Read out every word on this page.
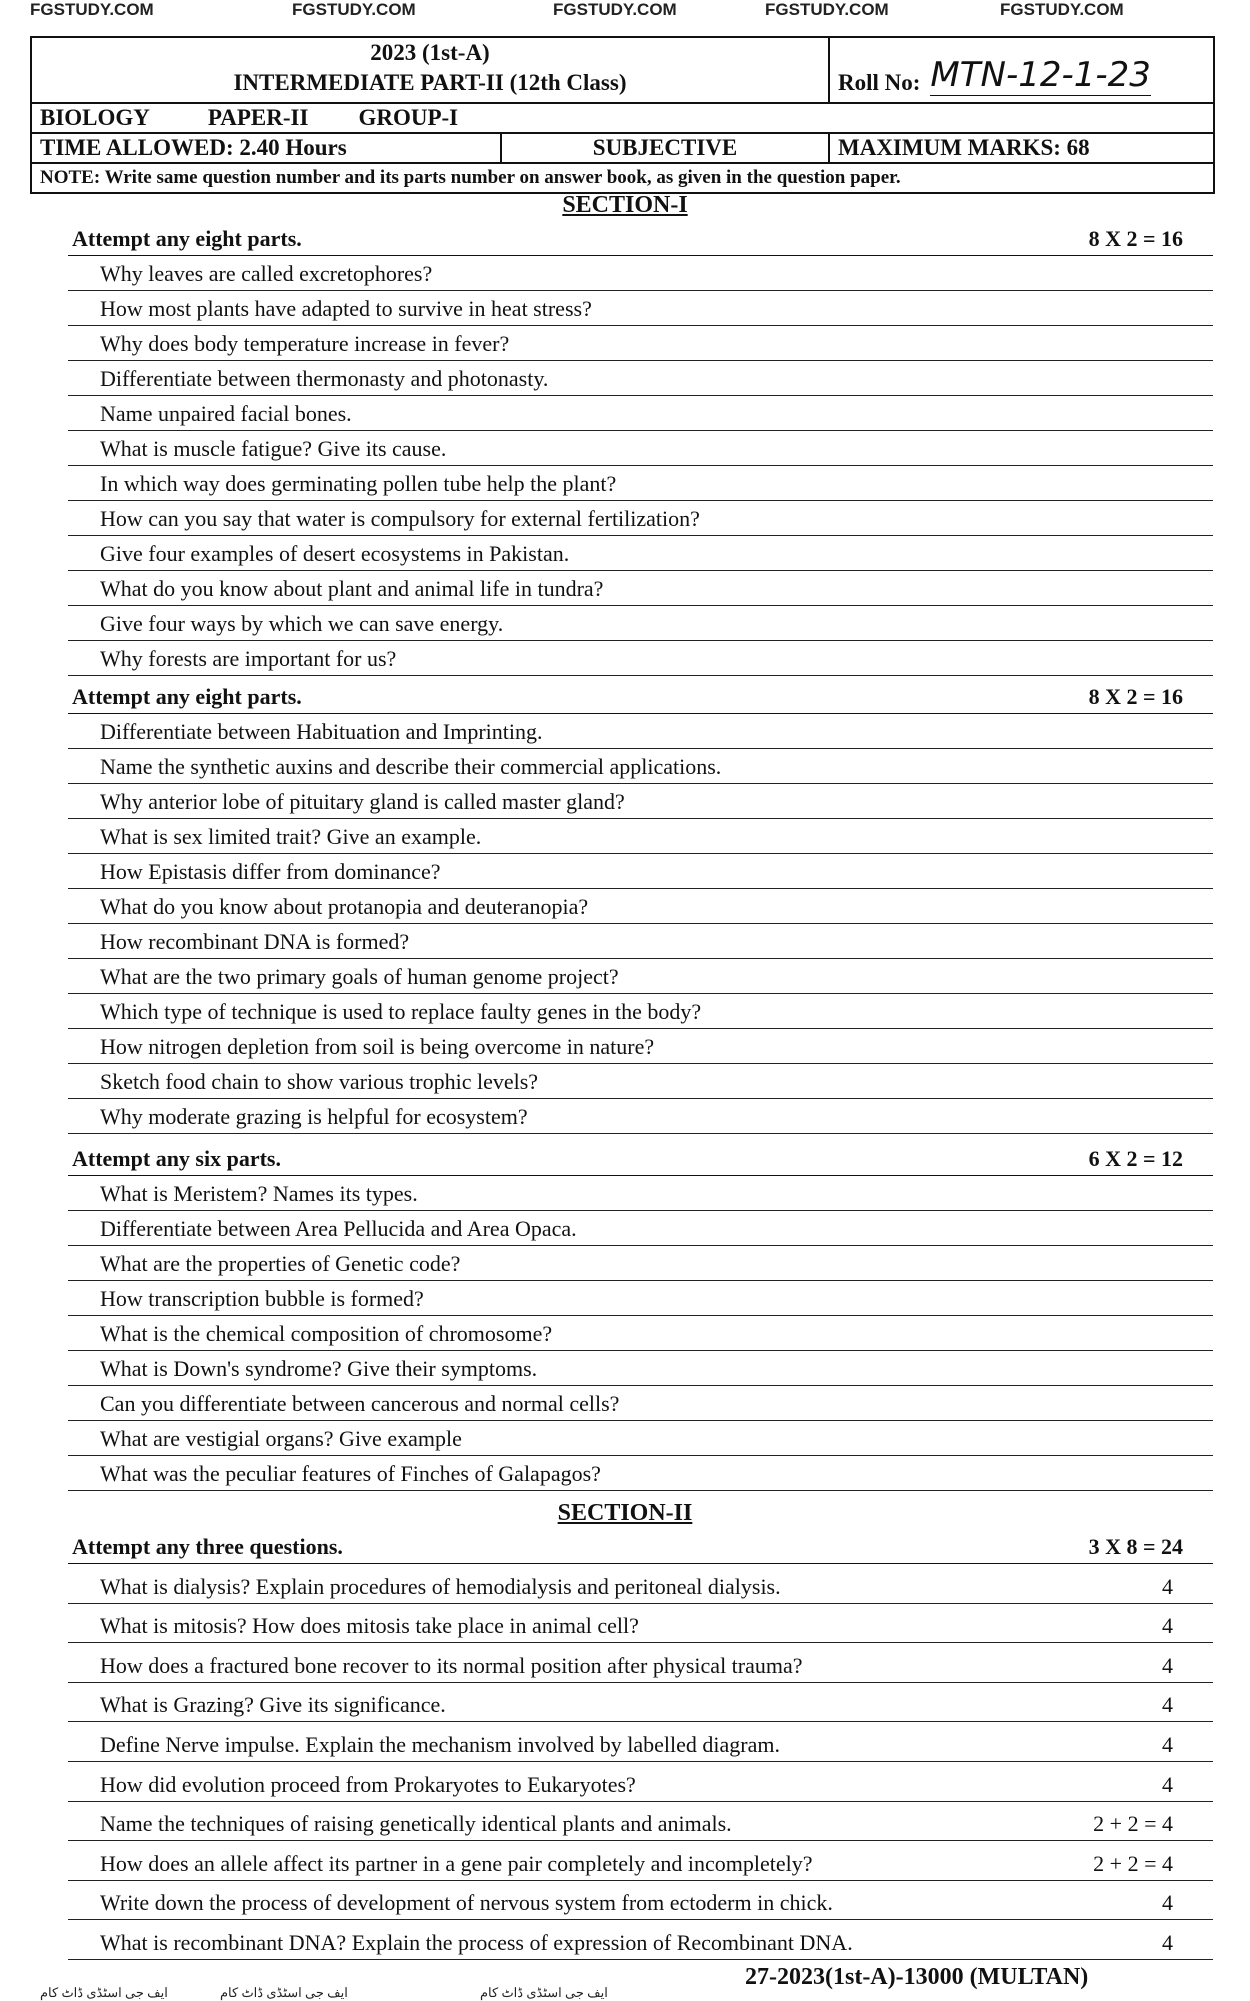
FGSTUDY.COM	FGSTUDY.COM	FGSTUDY.COM	FGSTUDY.COM	FGSTUDY.COM
2023 (1st-A)
INTERMEDIATE PART-II (12th Class)	Roll No: MTN-12-1-23
BIOLOGY	PAPER-II GROUP-I
TIME ALLOWED: 2.40 Hours	SUBJECTIVE	MAXIMUM MARKS: 68
NOTE: Write same question number and its parts number on answer book, as given in the question paper.
SECTION-I
Attempt any eight parts.	8 X 2 = 16
Why leaves are called excretophores?
How most plants have adapted to survive in heat stress?
Why does body temperature increase in fever?
Differentiate between thermonasty and photonasty.
Name unpaired facial bones.
What is muscle fatigue? Give its cause.
In which way does germinating pollen tube help the plant?
How can you say that water is compulsory for external fertilization?
Give four examples of desert ecosystems in Pakistan.
What do you know about plant and animal life in tundra?
Give four ways by which we can save energy.
Why forests are important for us?
Attempt any eight parts.	8 X 2 = 16
Differentiate between Habituation and Imprinting.
Name the synthetic auxins and describe their commercial applications.
Why anterior lobe of pituitary gland is called master gland?
What is sex limited trait? Give an example.
How Epistasis differ from dominance?
What do you know about protanopia and deuteranopia?
How recombinant DNA is formed?
What are the two primary goals of human genome project?
Which type of technique is used to replace faulty genes in the body?
How nitrogen depletion from soil is being overcome in nature?
Sketch food chain to show various trophic levels?
Why moderate grazing is helpful for ecosystem?
Attempt any six parts.	6 X 2 = 12
What is Meristem? Names its types.
Differentiate between Area Pellucida and Area Opaca.
What are the properties of Genetic code?
How transcription bubble is formed?
What is the chemical composition of chromosome?
What is Down's syndrome? Give their symptoms.
Can you differentiate between cancerous and normal cells?
What are vestigial organs? Give example
What was the peculiar features of Finches of Galapagos?
SECTION-II
Attempt any three questions.	3 X 8 = 24
What is dialysis? Explain procedures of hemodialysis and peritoneal dialysis.	4
What is mitosis? How does mitosis take place in animal cell?	4
How does a fractured bone recover to its normal position after physical trauma?	4
What is Grazing? Give its significance.	4
Define Nerve impulse. Explain the mechanism involved by labelled diagram.	4
How did evolution proceed from Prokaryotes to Eukaryotes?	4
Name the techniques of raising genetically identical plants and animals.	2 + 2 = 4
How does an allele affect its partner in a gene pair completely and incompletely?	2 + 2 = 4
Write down the process of development of nervous system from ectoderm in chick.	4
What is recombinant DNA? Explain the process of expression of Recombinant DNA.	4
27-2023(1st-A)-13000 (MULTAN)
ایف جی اسٹڈی ڈاٹ کام	ایف جی اسٹڈی ڈاٹ کام	ایف جی اسٹڈی ڈاٹ کام
